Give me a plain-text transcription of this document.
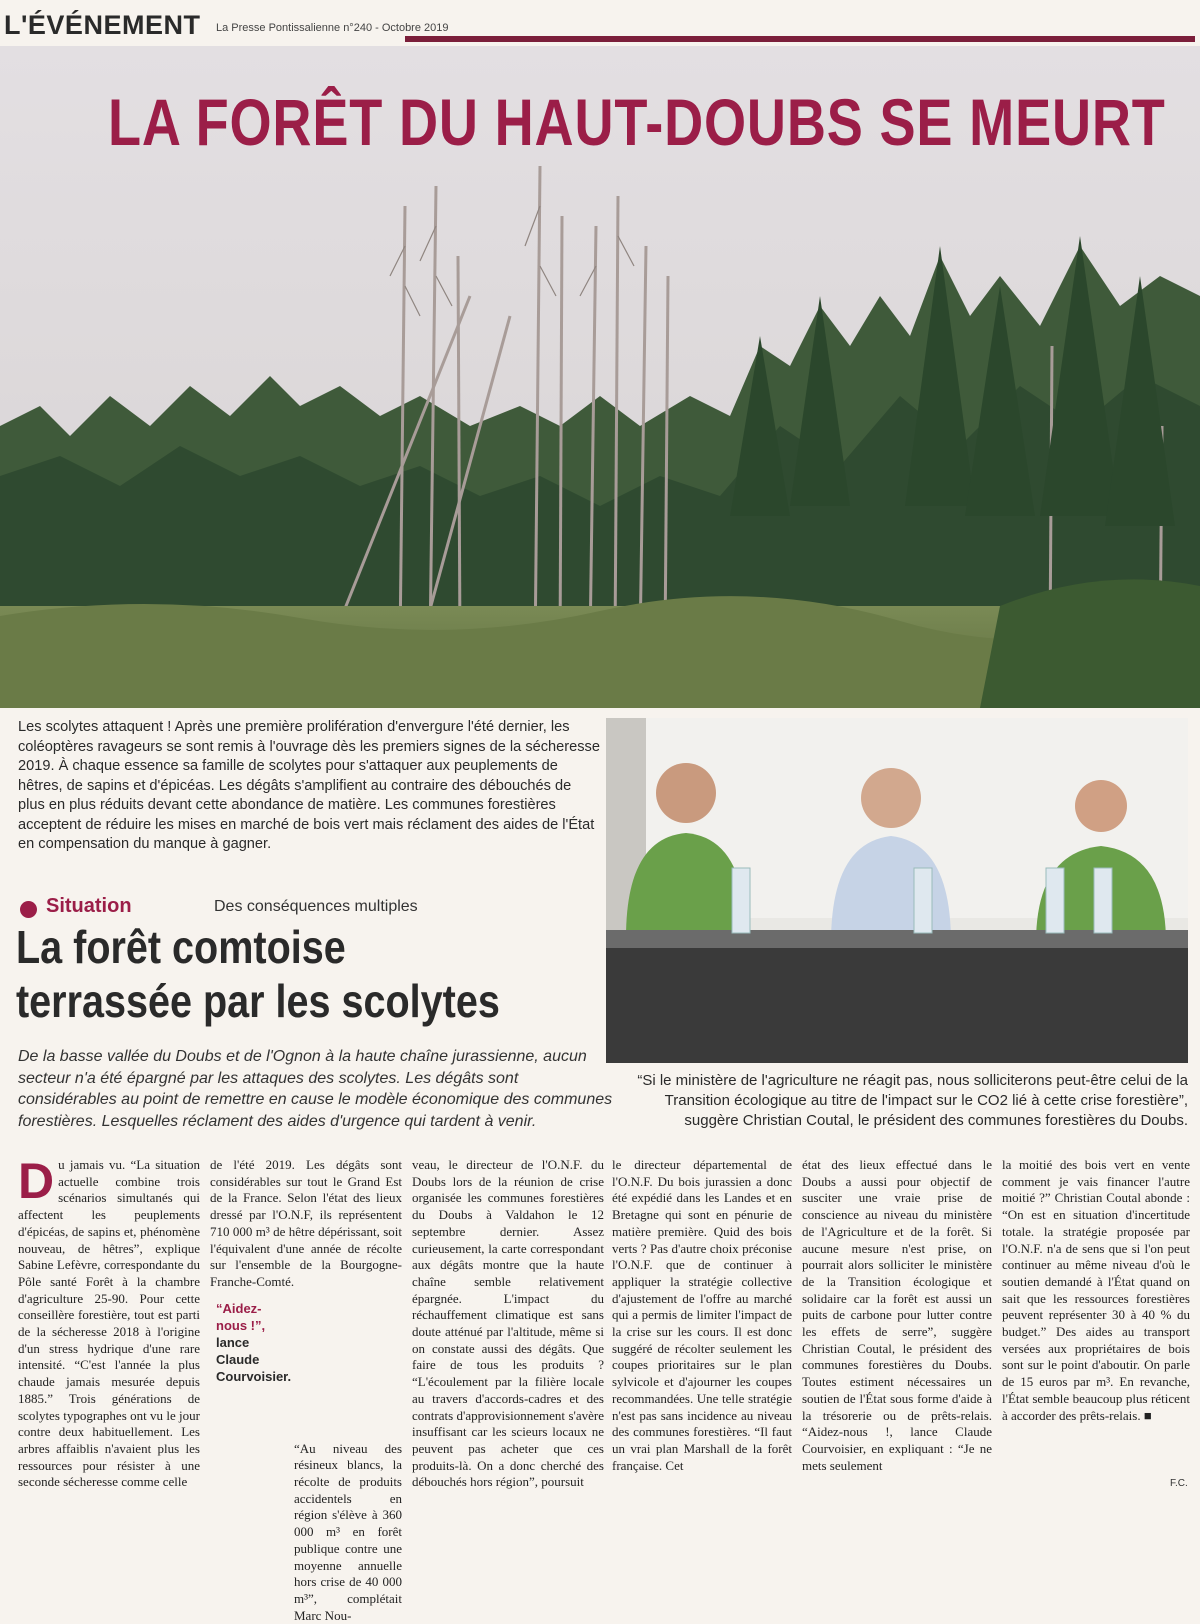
L'ÉVÉNEMENT La Presse Pontissalienne n°240 - Octobre 2019
LA FORÊT DU HAUT-DOUBS SE MEURT
Les scolytes attaquent ! Après une première prolifération d'envergure l'été dernier, les coléoptères ravageurs se sont remis à l'ouvrage dès les premiers signes de la sécheresse 2019. À chaque essence sa famille de scolytes pour s'attaquer aux peuplements de hêtres, de sapins et d'épicéas. Les dégâts s'amplifient au contraire des débouchés de plus en plus réduits devant cette abondance de matière. Les communes forestières acceptent de réduire les mises en marché de bois vert mais réclament des aides de l'État en compensation du manque à gagner.
“Si le ministère de l'agriculture ne réagit pas, nous solliciterons peut-être celui de la Transition écologique au titre de l'impact sur le CO2 lié à cette crise forestière”, suggère Christian Coutal, le président des communes forestières du Doubs.
Situation	Des conséquences multiples
La forêt comtoise terrassée par les scolytes
De la basse vallée du Doubs et de l'Ognon à la haute chaîne jurassienne, aucun secteur n'a été épargné par les attaques des scolytes. Les dégâts sont considérables au point de remettre en cause le modèle économique des communes forestières. Lesquelles réclament des aides d'urgence qui tardent à venir.
D u jamais vu. “La situation actuelle combine trois scénarios simultanés qui affectent les peuplements d'épicéas, de sapins et, phénomène nouveau, de hêtres”, explique Sabine Lefèvre, correspondante du Pôle santé Forêt à la chambre d'agriculture 25-90. Pour cette conseillère forestière, tout est parti de la sécheresse 2018 à l'origine d'un stress hydrique d'une rare intensité. “C'est l'année la plus chaude jamais mesurée depuis 1885.” Trois générations de scolytes typographes ont vu le jour contre deux habituellement. Les arbres affaiblis n'avaient plus les ressources pour résister à une seconde sécheresse comme celle

de l'été 2019. Les dégâts sont considérables sur tout le Grand Est de la France. Selon l'état des lieux dressé par l'O.N.F, ils représentent 710 000 m³ de hêtre dépérissant, soit l'équivalent d'une année de récolte sur l'ensemble de la Bourgogne-Franche-Comté.

“Au niveau des résineux blancs, la récolte de produits accidentels en région s'élève à 360 000 m³ en forêt publique contre une moyenne annuelle hors crise de 40 000 m³”, complétait Marc Nou-

“Aidez-nous !”,
lance
Claude
Courvoisier.

veau, le directeur de l'O.N.F. du Doubs lors de la réunion de crise organisée les communes forestières du Doubs à Valdahon le 12 septembre dernier. Assez curieusement, la carte correspondant aux dégâts montre que la haute chaîne semble relativement épargnée. L'impact du réchauffement climatique est sans doute atténué par l'altitude, même si on constate aussi des dégâts. Que faire de tous les produits ? “L'écoulement par la filière locale au travers d'accords-cadres et des contrats d'approvisionnement s'avère insuffisant car les scieurs locaux ne peuvent pas acheter que ces produits-là. On a donc cherché des débouchés hors région”, poursuit

le directeur départemental de l'O.N.F. Du bois jurassien a donc été expédié dans les Landes et en Bretagne qui sont en pénurie de matière première. Quid des bois verts ? Pas d'autre choix préconise l'O.N.F. que de continuer à appliquer la stratégie collective d'ajustement de l'offre au marché qui a permis de limiter l'impact de la crise sur les cours. Il est donc suggéré de récolter seulement les coupes prioritaires sur le plan sylvicole et d'ajourner les coupes recommandées. Une telle stratégie n'est pas sans incidence au niveau des communes forestières. “Il faut un vrai plan Marshall de la forêt française. Cet

état des lieux effectué dans le Doubs a aussi pour objectif de susciter une vraie prise de conscience au niveau du ministère de l'Agriculture et de la forêt. Si aucune mesure n'est prise, on pourrait alors solliciter le ministère de la Transition écologique et solidaire car la forêt est aussi un puits de carbone pour lutter contre les effets de serre”, suggère Christian Coutal, le président des communes forestières du Doubs. Toutes estiment nécessaires un soutien de l'État sous forme d'aide à la trésorerie ou de prêts-relais. “Aidez-nous !, lance Claude Courvoisier, en expliquant : “Je ne mets seulement

la moitié des bois vert en vente comment je vais financer l'autre moitié ?” Christian Coutal abonde : “On est en situation d'incertitude totale. la stratégie proposée par l'O.N.F. n'a de sens que si l'on peut continuer au même niveau d'où le soutien demandé à l'État quand on sait que les ressources forestières peuvent représenter 30 à 40 % du budget.” Des aides au transport versées aux propriétaires de bois sont sur le point d'aboutir. On parle de 15 euros par m³. En revanche, l'État semble beaucoup plus réticent à accorder des prêts-relais. ■

F.C.
